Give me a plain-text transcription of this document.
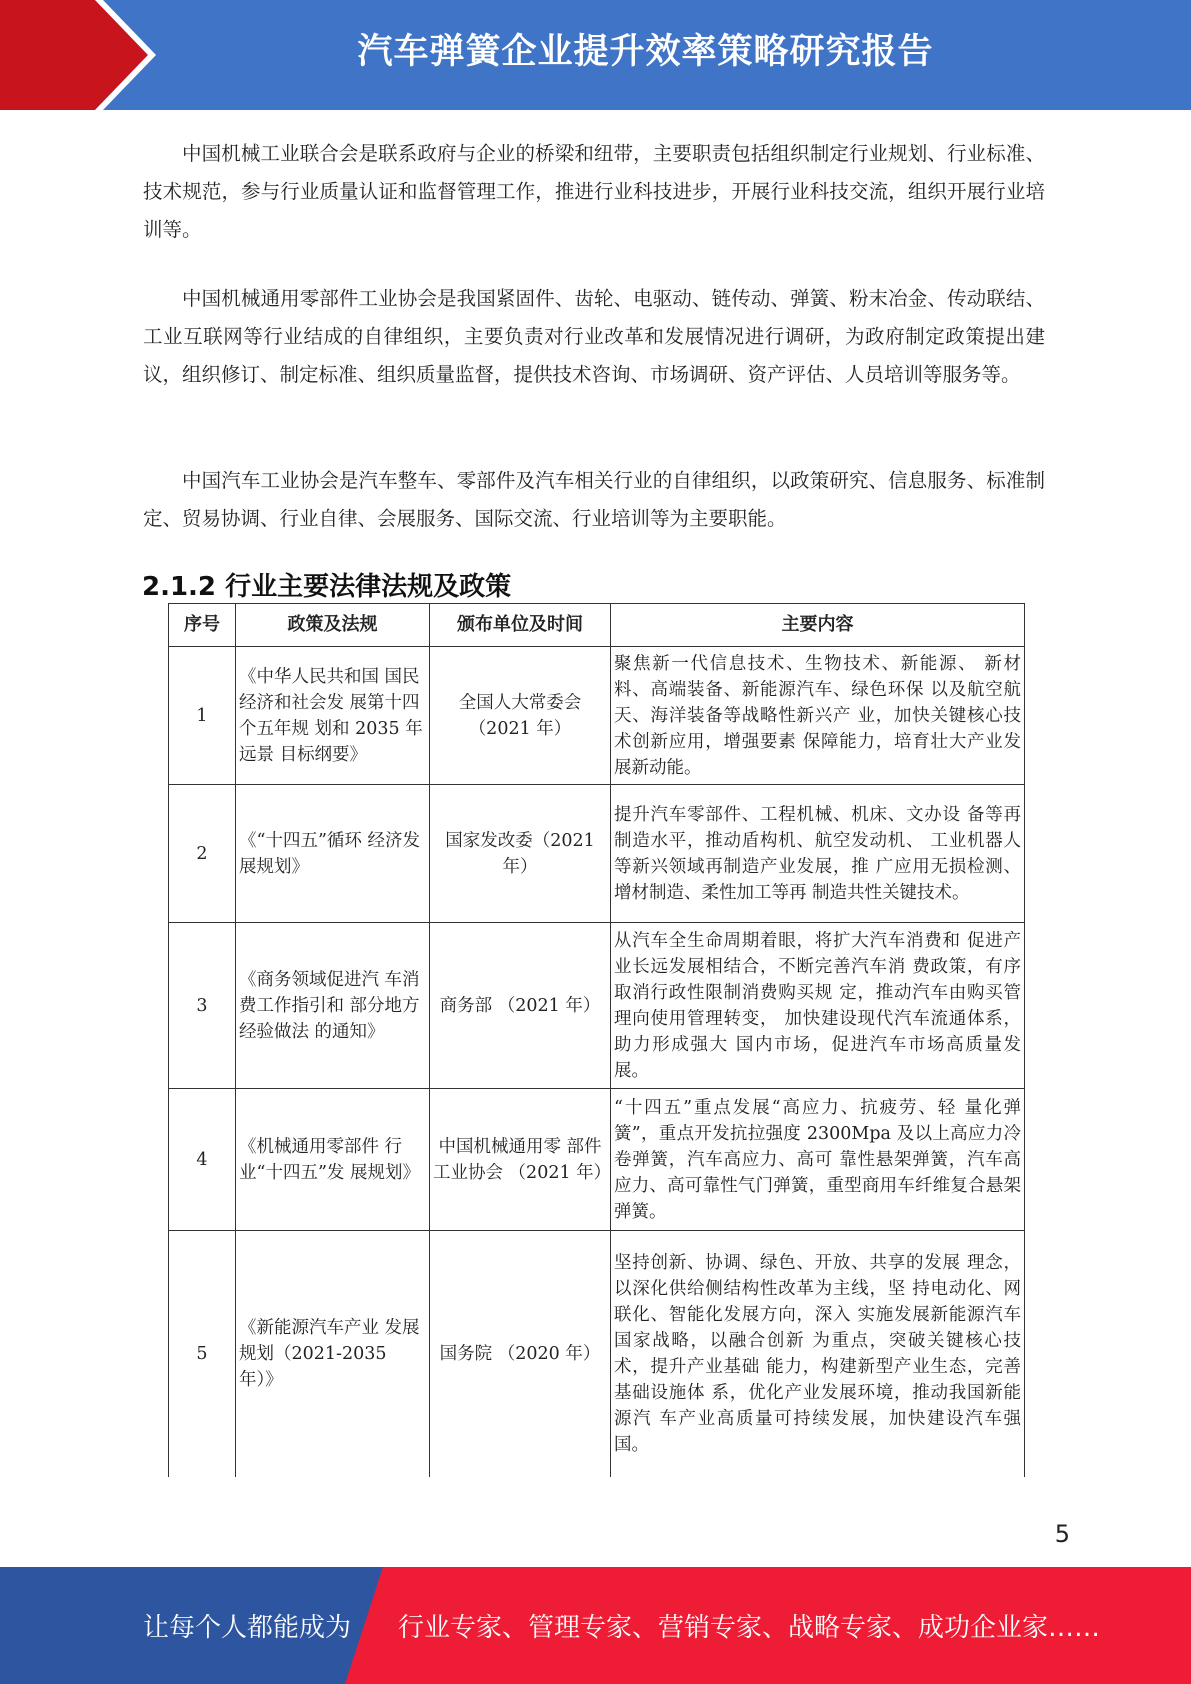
汽车弹簧企业提升效率策略研究报告

中国机械工业联合会是联系政府与企业的桥梁和纽带，主要职责包括组织制定行业规划、行业标准、技术规范，参与行业质量认证和监督管理工作，推进行业科技进步，开展行业科技交流，组织开展行业培训等。

中国机械通用零部件工业协会是我国紧固件、齿轮、电驱动、链传动、弹簧、粉末冶金、传动联结、工业互联网等行业结成的自律组织，主要负责对行业改革和发展情况进行调研，为政府制定政策提出建议，组织修订、制定标准、组织质量监督，提供技术咨询、市场调研、资产评估、人员培训等服务等。

中国汽车工业协会是汽车整车、零部件及汽车相关行业的自律组织，以政策研究、信息服务、标准制定、贸易协调、行业自律、会展服务、国际交流、行业培训等为主要职能。

2.1.2 行业主要法律法规及政策
序号	政策及法规	颁布单位及时间	主要内容
1	《中华人民共和国 国民经济和社会发 展第十四个五年规 划和 2035 年远景 目标纲要》	全国人大常委会（2021 年）	聚焦新一代信息技术、生物技术、新能源、 新材料、高端装备、新能源汽车、绿色环保 以及航空航天、海洋装备等战略性新兴产 业，加快关键核心技术创新应用，增强要素 保障能力，培育壮大产业发展新动能。
2	《“十四五”循环 经济发展规划》	国家发改委（2021 年）	提升汽车零部件、工程机械、机床、文办设 备等再制造水平，推动盾构机、航空发动机、 工业机器人等新兴领域再制造产业发展，推 广应用无损检测、增材制造、柔性加工等再 制造共性关键技术。
3	《商务领域促进汽 车消费工作指引和 部分地方经验做法 的通知》	商务部 （2021 年）	从汽车全生命周期着眼，将扩大汽车消费和 促进产业长远发展相结合，不断完善汽车消 费政策，有序取消行政性限制消费购买规 定，推动汽车由购买管理向使用管理转变， 加快建设现代汽车流通体系，助力形成强大 国内市场，促进汽车市场高质量发展。
4	《机械通用零部件 行业“十四五”发 展规划》	中国机械通用零 部件工业协会 （2021 年）	“十四五”重点发展“高应力、抗疲劳、轻 量化弹簧”，重点开发抗拉强度 2300Mpa 及以上高应力冷卷弹簧，汽车高应力、高可 靠性悬架弹簧，汽车高应力、高可靠性气门弹簧，重型商用车纤维复合悬架弹簧。
5	《新能源汽车产业 发展规划（2021-2035 年）》	国务院 （2020 年）	坚持创新、协调、绿色、开放、共享的发展 理念，以深化供给侧结构性改革为主线，坚 持电动化、网联化、智能化发展方向，深入 实施发展新能源汽车国家战略，以融合创新 为重点，突破关键核心技术，提升产业基础 能力，构建新型产业生态，完善基础设施体 系，优化产业发展环境，推动我国新能源汽 车产业高质量可持续发展，加快建设汽车强 国。
5
让每个人都能成为 行业专家、管理专家、营销专家、战略专家、成功企业家……
